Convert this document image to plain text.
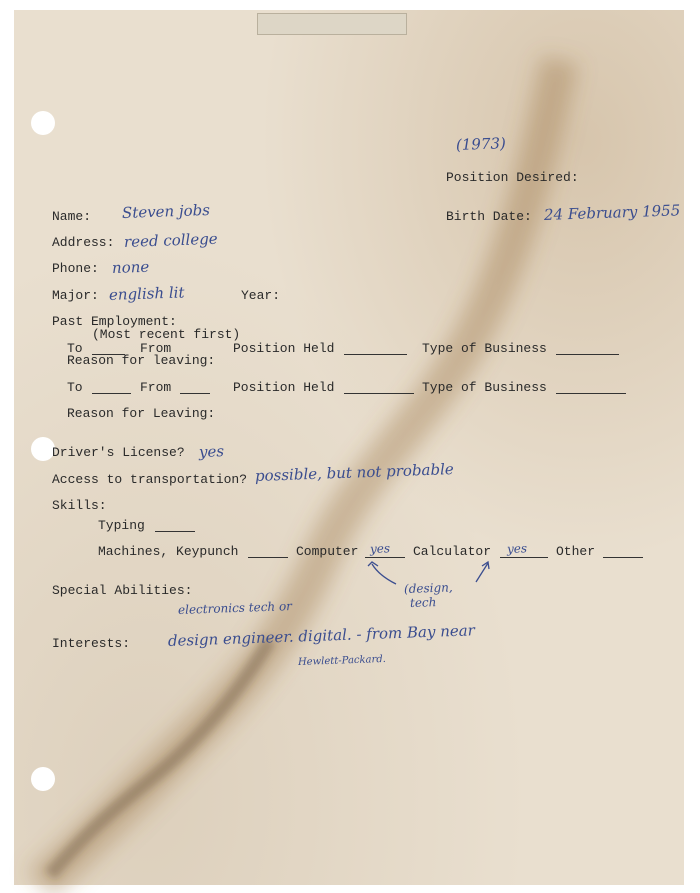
(1973)
Position Desired:
Name: Steven jobs	Birth Date: 24 February 1955
Address: reed college
Phone: none
Major: english lit	Year:
Past Employment:
(Most recent first)
To	From	Position Held	Type of Business
Reason for leaving:
To	From	Position Held	Type of Business
Reason for Leaving:
Driver's License? yes
Access to transportation? possible, but not probable
Skills:
Typing
Machines, Keypunch	Computer yes Calculator yes Other
(design,
tech
Special Abilities:
Interests:
electronics tech or
design engineer. digital. - from Bay near
Hewlett-Packard.
